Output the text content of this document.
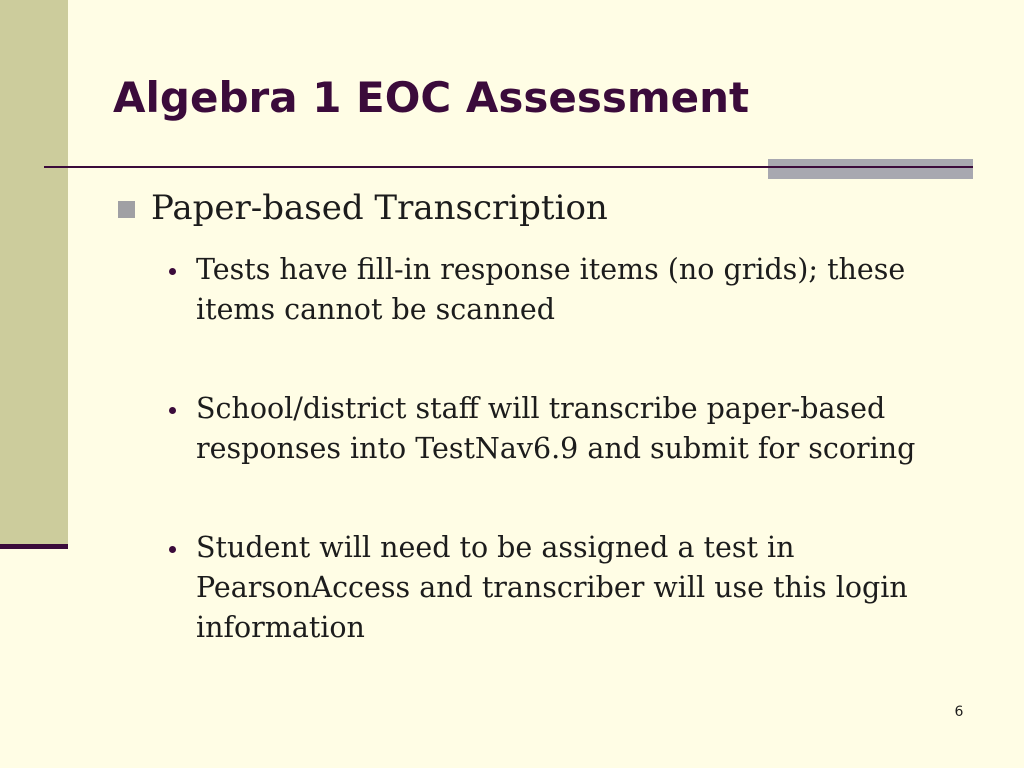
Algebra 1 EOC Assessment
Paper-based Transcription
Tests have fill-in response items (no grids); these items cannot be scanned
School/district staff will transcribe paper-based responses into TestNav6.9 and submit for scoring
Student will need to be assigned a test in PearsonAccess and transcriber will use this login information
6
